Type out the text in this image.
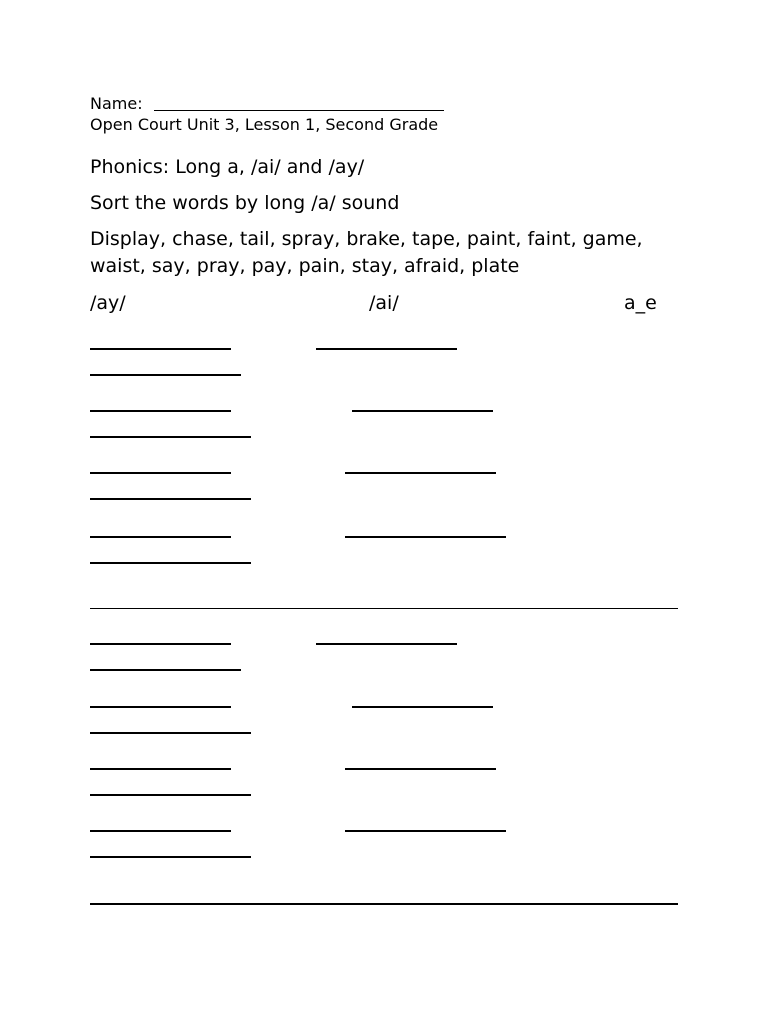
Name:
Open Court Unit 3, Lesson 1, Second Grade
Phonics: Long a, /ai/ and /ay/
Sort the words by long /a/ sound
Display, chase, tail, spray, brake, tape, paint, faint, game,
waist, say, pray, pay, pain, stay, afraid, plate
/ay/	/ai/	a_e
